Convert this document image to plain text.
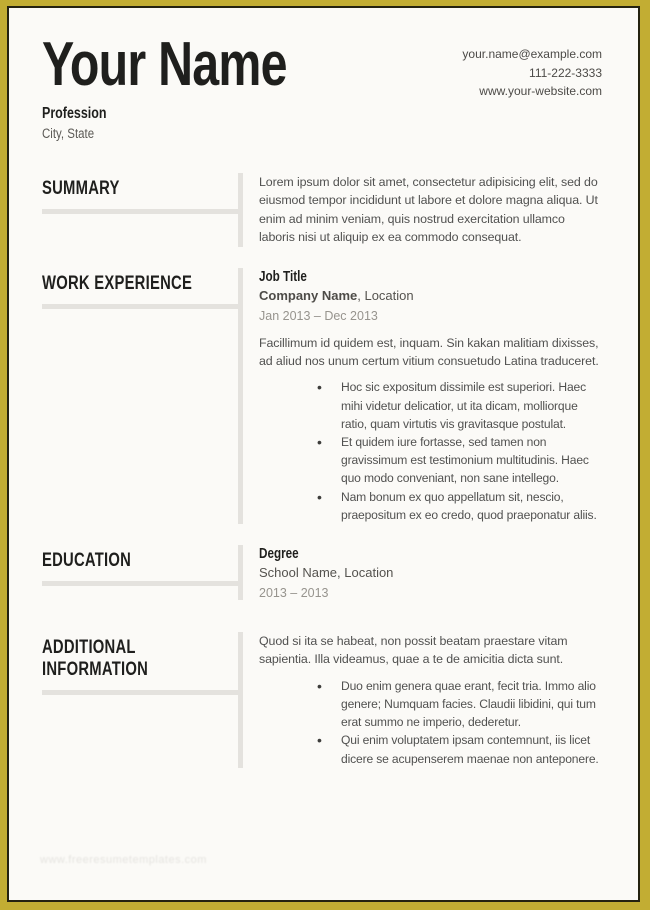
Your Name
Profession
City, State
your.name@example.com
111-222-3333
www.your-website.com
SUMMARY	Lorem ipsum dolor sit amet, consectetur adipisicing elit, sed do eiusmod tempor incididunt ut labore et dolore magna aliqua. Ut enim ad minim veniam, quis nostrud exercitation ullamco laboris nisi ut aliquip ex ea commodo consequat.

WORK EXPERIENCE	Job Title
Company Name, Location
Jan 2013 – Dec 2013

Facillimum id quidem est, inquam. Sin kakan malitiam dixisses, ad aliud nos unum certum vitium consuetudo Latina traduceret.

• Hoc sic expositum dissimile est superiori. Haec mihi videtur delicatior, ut ita dicam, molliorque ratio, quam virtutis vis gravitasque postulat.
• Et quidem iure fortasse, sed tamen non gravissimum est testimonium multitudinis. Haec quo modo conveniant, non sane intellego.
• Nam bonum ex quo appellatum sit, nescio, praepositum ex eo credo, quod praeponatur aliis.
EDUCATION	Degree
School Name, Location
2013 – 2013
ADDITIONAL INFORMATION

Quod si ita se habeat, non possit beatam praestare vitam sapientia. Illa videamus, quae a te de amicitia dicta sunt.

• Duo enim genera quae erant, fecit tria. Immo alio genere; Numquam facies. Claudii libidini, qui tum erat summo ne imperio, dederetur.
• Qui enim voluptatem ipsam contemnunt, iis licet dicere se acupenserem maenae non anteponere.
www.freeresumetemplates.com
